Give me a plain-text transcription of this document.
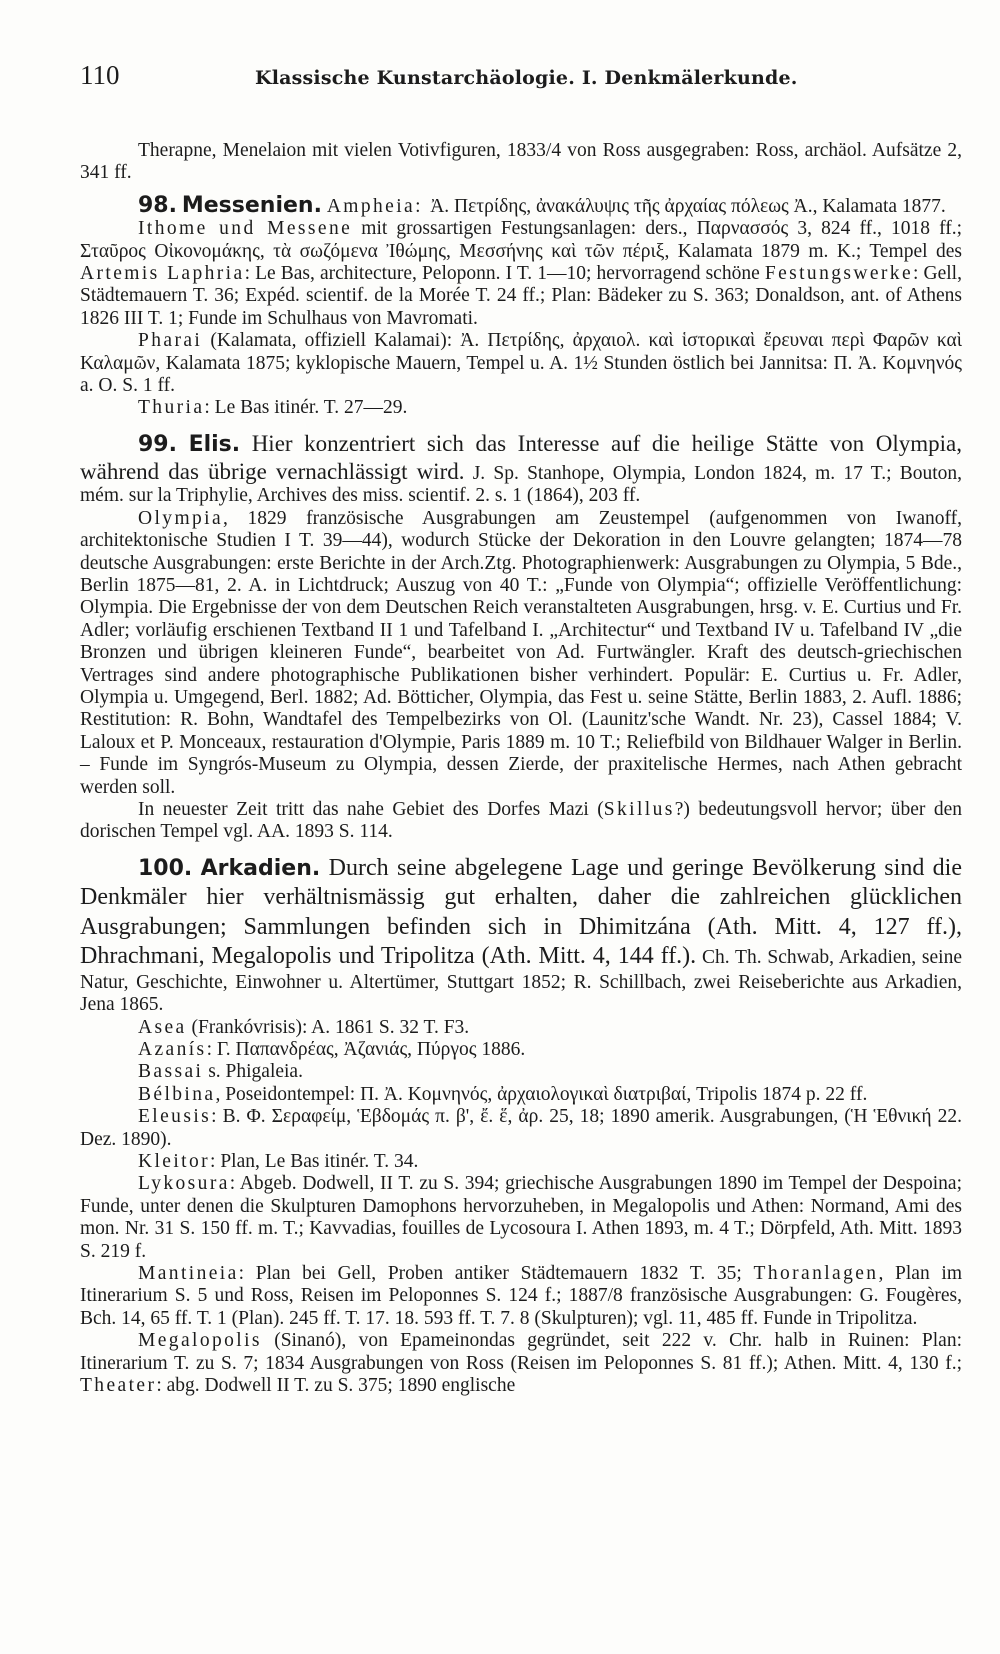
110	Klassische Kunstarchäologie. I. Denkmälerkunde.

Therapne, Menelaion mit vielen Votivfiguren, 1833/4 von Ross ausgegraben: Ross, archäol. Aufsätze 2, 341 ff.

98. Messenien. Ampheia: Ἀ. Πετρίδης, ἀνακάλυψις τῆς ἀρχαίας πόλεως Ἀ., Kalamata 1877.

Ithome und Messene mit grossartigen Festungsanlagen: ders., Παρνασσός 3, 824 ff., 1018 ff.; Σταῦρος Οἰκονομάκης, τὰ σωζόμενα Ἰθώμης, Μεσσήνης καὶ τῶν πέριξ, Kalamata 1879 m. K.; Tempel des Artemis Laphria: Le Bas, architecture, Peloponn. I T. 1—10; hervorragend schöne Festungswerke: Gell, Städtemauern T. 36; Expéd. scientif. de la Morée T. 24 ff.; Plan: Bädeker zu S. 363; Donaldson, ant. of Athens 1826 III T. 1; Funde im Schulhaus von Mavromati.

Pharai (Kalamata, offiziell Kalamai): Ἀ. Πετρίδης, ἀρχαιολ. καὶ ἱστορικαὶ ἔρευναι περὶ Φαρῶν καὶ Καλαμῶν, Kalamata 1875; kyklopische Mauern, Tempel u. A. 1½ Stunden östlich bei Jannitsa: Π. Ἀ. Κομνηνός a. O. S. 1 ff.

Thuria: Le Bas itinér. T. 27—29.

99. Elis. Hier konzentriert sich das Interesse auf die heilige Stätte von Olympia, während das übrige vernachlässigt wird. J. Sp. Stanhope, Olympia, London 1824, m. 17 T.; Bouton, mém. sur la Triphylie, Archives des miss. scientif. 2. s. 1 (1864), 203 ff.

Olympia, 1829 französische Ausgrabungen am Zeustempel (aufgenommen von Iwanoff, architektonische Studien I T. 39—44), wodurch Stücke der Dekoration in den Louvre gelangten; 1874—78 deutsche Ausgrabungen: erste Berichte in der Arch.Ztg. Photographienwerk: Ausgrabungen zu Olympia, 5 Bde., Berlin 1875—81, 2. A. in Lichtdruck; Auszug von 40 T.: „Funde von Olympia“; offizielle Veröffentlichung: Olympia. Die Ergebnisse der von dem Deutschen Reich veranstalteten Ausgrabungen, hrsg. v. E. Curtius und Fr. Adler; vorläufig erschienen Textband II 1 und Tafelband I. „Architectur“ und Textband IV u. Tafelband IV „die Bronzen und übrigen kleineren Funde“, bearbeitet von Ad. Furtwängler. Kraft des deutsch-griechischen Vertrages sind andere photographische Publikationen bisher verhindert. Populär: E. Curtius u. Fr. Adler, Olympia u. Umgegend, Berl. 1882; Ad. Bötticher, Olympia, das Fest u. seine Stätte, Berlin 1883, 2. Aufl. 1886; Restitution: R. Bohn, Wandtafel des Tempelbezirks von Ol. (Launitz'sche Wandt. Nr. 23), Cassel 1884; V. Laloux et P. Monceaux, restauration d'Olympie, Paris 1889 m. 10 T.; Reliefbild von Bildhauer Walger in Berlin. – Funde im Syngrós-Museum zu Olympia, dessen Zierde, der praxitelische Hermes, nach Athen gebracht werden soll.

In neuester Zeit tritt das nahe Gebiet des Dorfes Mazi (Skillus?) bedeutungsvoll hervor; über den dorischen Tempel vgl. AA. 1893 S. 114.

100. Arkadien. Durch seine abgelegene Lage und geringe Bevölkerung sind die Denkmäler hier verhältnismässig gut erhalten, daher die zahlreichen glücklichen Ausgrabungen; Sammlungen befinden sich in Dhimitzána (Ath. Mitt. 4, 127 ff.), Dhrachmani, Megalopolis und Tripolitza (Ath. Mitt. 4, 144 ff.). Ch. Th. Schwab, Arkadien, seine Natur, Geschichte, Einwohner u. Altertümer, Stuttgart 1852; R. Schillbach, zwei Reiseberichte aus Arkadien, Jena 1865.

Asea (Frankóvrisis): A. 1861 S. 32 T. F3.

Azanís: Γ. Παπανδρέας, Ἀζανιάς, Πύργος 1886.

Bassai s. Phigaleia.

Bélbina, Poseidontempel: Π. Ἀ. Κομνηνός, ἀρχαιολογικαὶ διατριβαί, Tripolis 1874 p. 22 ff.

Eleusis: Β. Φ. Σεραφείμ, Ἑβδομάς π. β', ἔ. ἕ, ἀρ. 25, 18; 1890 amerik. Ausgrabungen, (Ἡ Ἑθνική 22. Dez. 1890).

Kleitor: Plan, Le Bas itinér. T. 34.

Lykosura: Abgeb. Dodwell, II T. zu S. 394; griechische Ausgrabungen 1890 im Tempel der Despoina; Funde, unter denen die Skulpturen Damophons hervorzuheben, in Megalopolis und Athen: Normand, Ami des mon. Nr. 31 S. 150 ff. m. T.; Kavvadias, fouilles de Lycosoura I. Athen 1893, m. 4 T.; Dörpfeld, Ath. Mitt. 1893 S. 219 f.

Mantineia: Plan bei Gell, Proben antiker Städtemauern 1832 T. 35; Thoranlagen, Plan im Itinerarium S. 5 und Ross, Reisen im Peloponnes S. 124 f.; 1887/8 französische Ausgrabungen: G. Fougères, Bch. 14, 65 ff. T. 1 (Plan). 245 ff. T. 17. 18. 593 ff. T. 7. 8 (Skulpturen); vgl. 11, 485 ff. Funde in Tripolitza.

Megalopolis (Sinanó), von Epameinondas gegründet, seit 222 v. Chr. halb in Ruinen: Plan: Itinerarium T. zu S. 7; 1834 Ausgrabungen von Ross (Reisen im Peloponnes S. 81 ff.); Athen. Mitt. 4, 130 f.; Theater: abg. Dodwell II T. zu S. 375; 1890 englische
